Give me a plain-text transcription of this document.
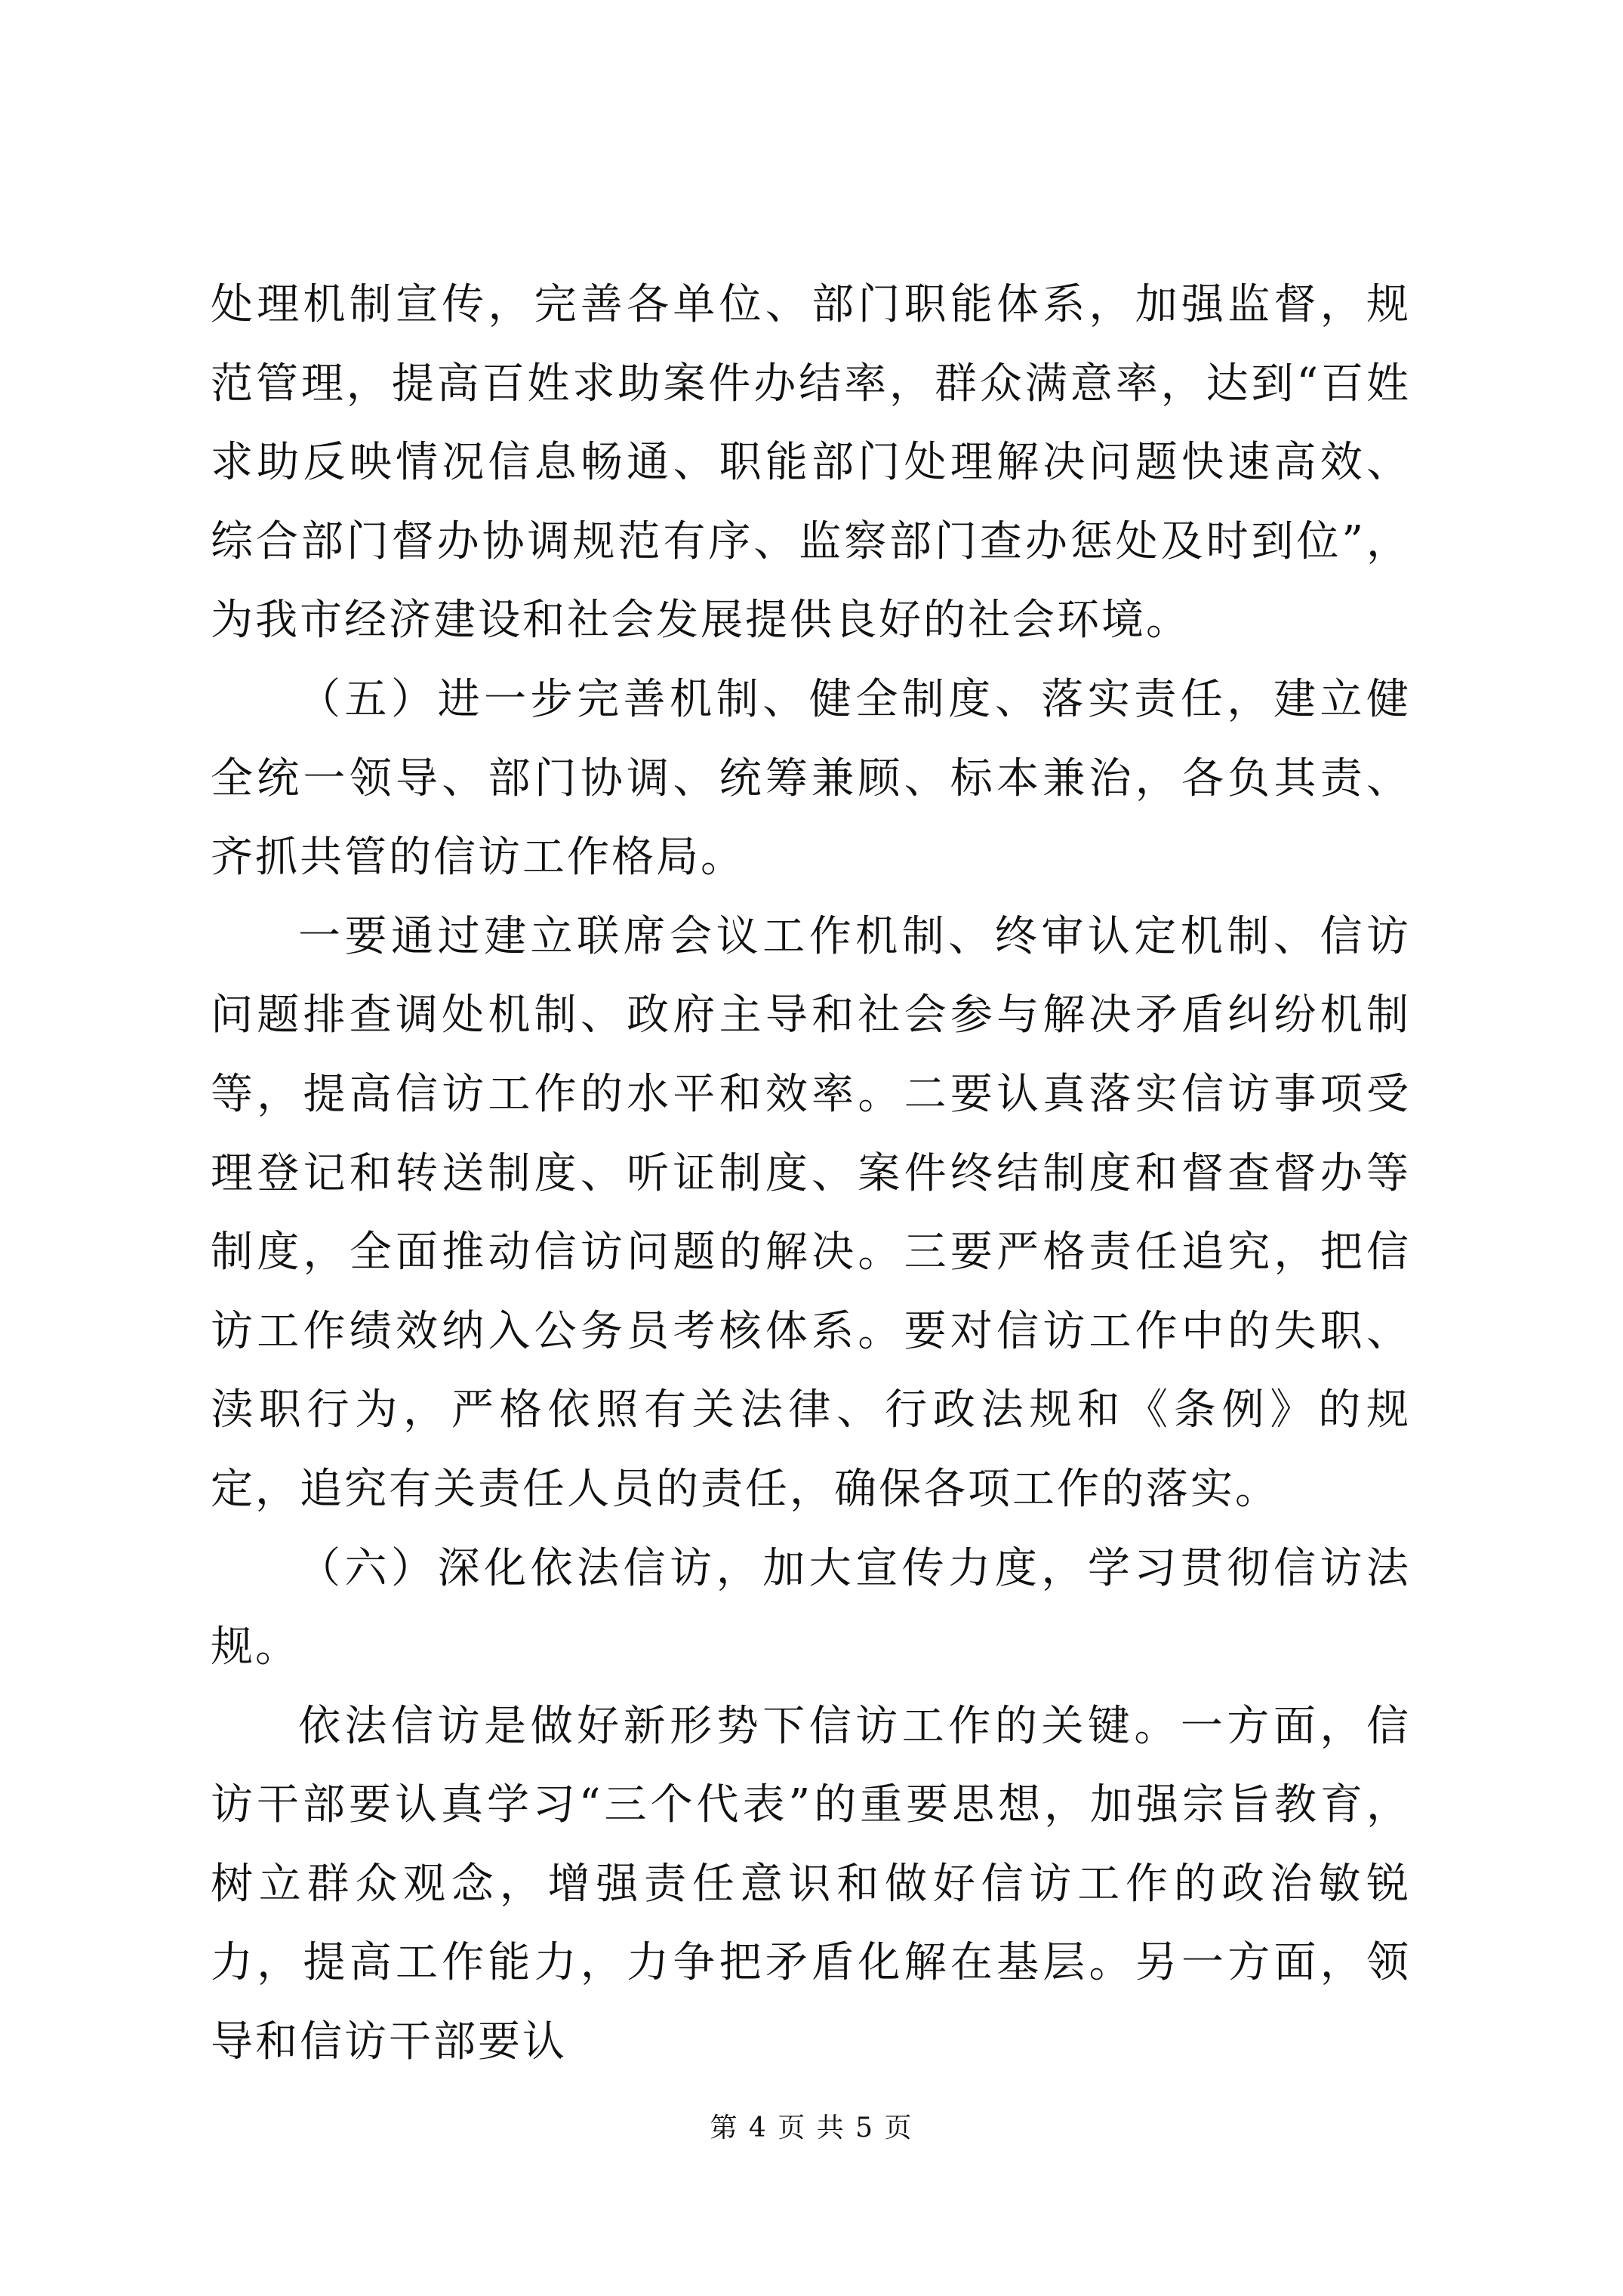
处理机制宣传，完善各单位、部门职能体系，加强监督，规范管理，提高百姓求助案件办结率，群众满意率，达到“百姓求助反映情况信息畅通、职能部门处理解决问题快速高效、综合部门督办协调规范有序、监察部门查办惩处及时到位”，为我市经济建设和社会发展提供良好的社会环境。

（五）进一步完善机制、健全制度、落实责任，建立健全统一领导、部门协调、统筹兼顾、标本兼治，各负其责、齐抓共管的信访工作格局。

一要通过建立联席会议工作机制、终审认定机制、信访问题排查调处机制、政府主导和社会参与解决矛盾纠纷机制等，提高信访工作的水平和效率。二要认真落实信访事项受理登记和转送制度、听证制度、案件终结制度和督查督办等制度，全面推动信访问题的解决。三要严格责任追究，把信访工作绩效纳入公务员考核体系。要对信访工作中的失职、渎职行为，严格依照有关法律、行政法规和《条例》的规定，追究有关责任人员的责任，确保各项工作的落实。

（六）深化依法信访，加大宣传力度，学习贯彻信访法规。

依法信访是做好新形势下信访工作的关键。一方面，信访干部要认真学习“三个代表”的重要思想，加强宗旨教育，树立群众观念，增强责任意识和做好信访工作的政治敏锐力，提高工作能力，力争把矛盾化解在基层。另一方面，领导和信访干部要认

第 4 页 共 5 页
